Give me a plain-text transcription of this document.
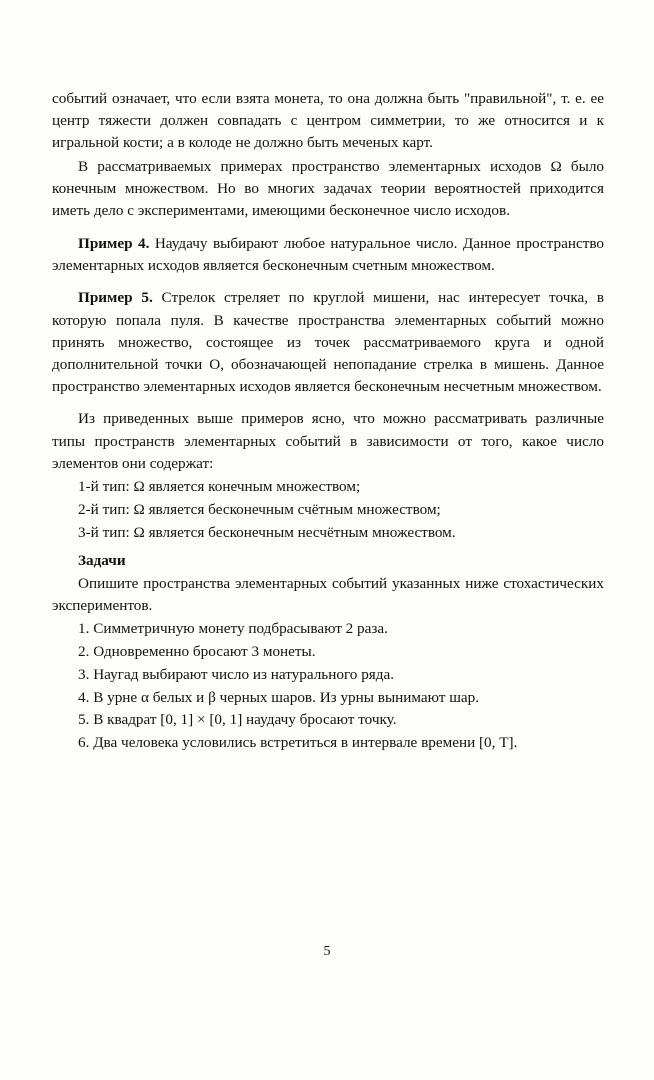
событий означает, что если взята монета, то она должна быть "правильной", т. е. ее центр тяжести должен совпадать с центром симметрии, то же относится и к игральной кости; а в колоде не должно быть меченых карт.

В рассматриваемых примерах пространство элементарных исходов Ω было конечным множеством. Но во многих задачах теории вероятностей приходится иметь дело с экспериментами, имеющими бесконечное число исходов.

Пример 4. Наудачу выбирают любое натуральное число. Данное пространство элементарных исходов является бесконечным счетным множеством.

Пример 5. Стрелок стреляет по круглой мишени, нас интересует точка, в которую попала пуля. В качестве пространства элементарных событий можно принять множество, состоящее из точек рассматриваемого круга и одной дополнительной точки O, обозначающей непопадание стрелка в мишень. Данное пространство элементарных исходов является бесконечным несчетным множеством.

Из приведенных выше примеров ясно, что можно рассматривать различные типы пространств элементарных событий в зависимости от того, какое число элементов они содержат:

1-й тип: Ω является конечным множеством;

2-й тип: Ω является бесконечным счётным множеством;

3-й тип: Ω является бесконечным несчётным множеством.

Задачи

Опишите пространства элементарных событий указанных ниже стохастических экспериментов.

1. Симметричную монету подбрасывают 2 раза.

2. Одновременно бросают 3 монеты.

3. Наугад выбирают число из натурального ряда.

4. В урне α белых и β черных шаров. Из урны вынимают шар.

5. В квадрат [0, 1] × [0, 1] наудачу бросают точку.

6. Два человека условились встретиться в интервале времени [0, T].

5
